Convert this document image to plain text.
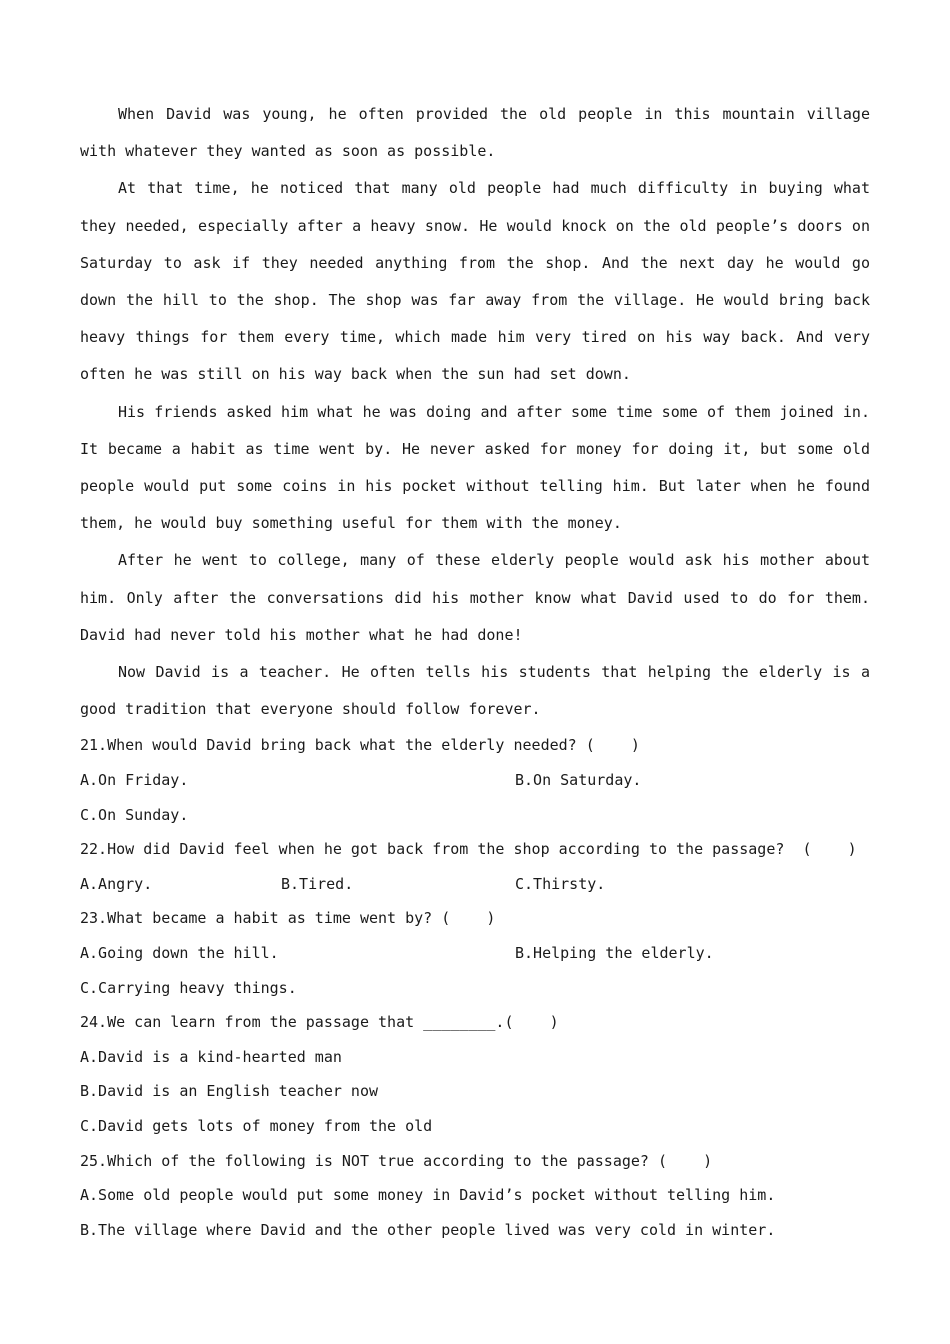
When David was young, he often provided the old people in this mountain village with whatever they wanted as soon as possible.

At that time, he noticed that many old people had much difficulty in buying what they needed, especially after a heavy snow. He would knock on the old people’s doors on Saturday to ask if they needed anything from the shop. And the next day he would go down the hill to the shop. The shop was far away from the village. He would bring back heavy things for them every time, which made him very tired on his way back. And very often he was still on his way back when the sun had set down.

His friends asked him what he was doing and after some time some of them joined in. It became a habit as time went by. He never asked for money for doing it, but some old people would put some coins in his pocket without telling him. But later when he found them, he would buy something useful for them with the money.

After he went to college, many of these elderly people would ask his mother about him. Only after the conversations did his mother know what David used to do for them. David had never told his mother what he had done!

Now David is a teacher. He often tells his students that helping the elderly is a good tradition that everyone should follow forever.

21.When would David bring back what the elderly needed? (    )

A.On Friday.	B.On Saturday.

C.On Sunday.

22.How did David feel when he got back from the shop according to the passage?  (    )

A.Angry.	B.Tired.	C.Thirsty.

23.What became a habit as time went by? (    )

A.Going down the hill.	B.Helping the elderly.

C.Carrying heavy things.

24.We can learn from the passage that ________.(    )

A.David is a kind-hearted man

B.David is an English teacher now

C.David gets lots of money from the old

25.Which of the following is NOT true according to the passage? (    )

A.Some old people would put some money in David’s pocket without telling him.

B.The village where David and the other people lived was very cold in winter.
